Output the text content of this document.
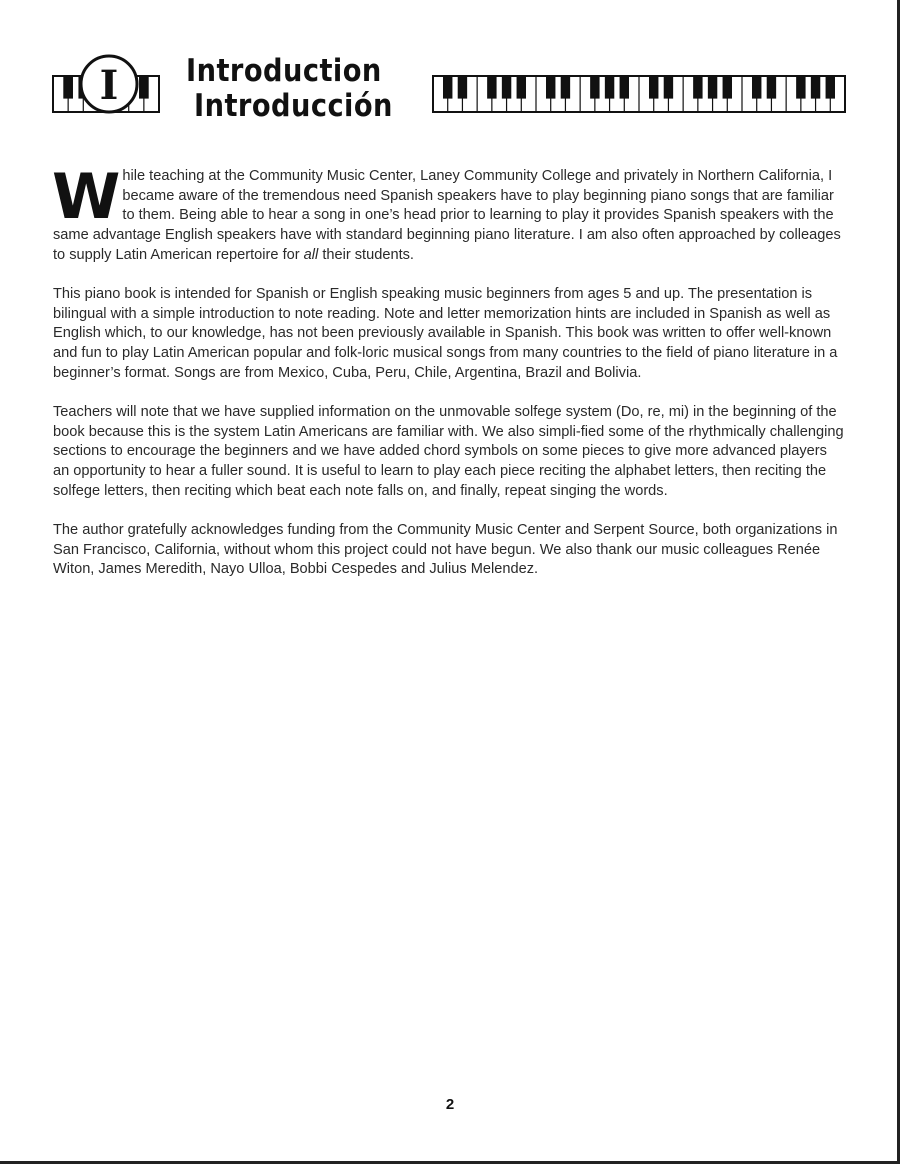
I Introduction
Introducción

While teaching at the Community Music Center, Laney Community College and privately in Northern California, I became aware of the tremendous need Spanish speakers have to play beginning piano songs that are familiar to them. Being able to hear a song in one’s head prior to learning to play it provides Spanish speakers with the same advantage English speakers have with standard beginning piano literature. I am also often approached by colleages to supply Latin American repertoire for all their students.

This piano book is intended for Spanish or English speaking music beginners from ages 5 and up. The presentation is bilingual with a simple introduction to note reading. Note and letter memorization hints are included in Spanish as well as English which, to our knowledge, has not been previously available in Spanish. This book was written to offer well-known and fun to play Latin American popular and folk-loric musical songs from many countries to the field of piano literature in a beginner’s format. Songs are from Mexico, Cuba, Peru, Chile, Argentina, Brazil and Bolivia.

Teachers will note that we have supplied information on the unmovable solfege system (Do, re, mi) in the beginning of the book because this is the system Latin Americans are familiar with. We also simpli-fied some of the rhythmically challenging sections to encourage the beginners and we have added chord symbols on some pieces to give more advanced players an opportunity to hear a fuller sound. It is useful to learn to play each piece reciting the alphabet letters, then reciting the solfege letters, then reciting which beat each note falls on, and finally, repeat singing the words.

The author gratefully acknowledges funding from the Community Music Center and Serpent Source, both organizations in San Francisco, California, without whom this project could not have begun. We also thank our music colleagues Renée Witon, James Meredith, Nayo Ulloa, Bobbi Cespedes and Julius Melendez.

2
